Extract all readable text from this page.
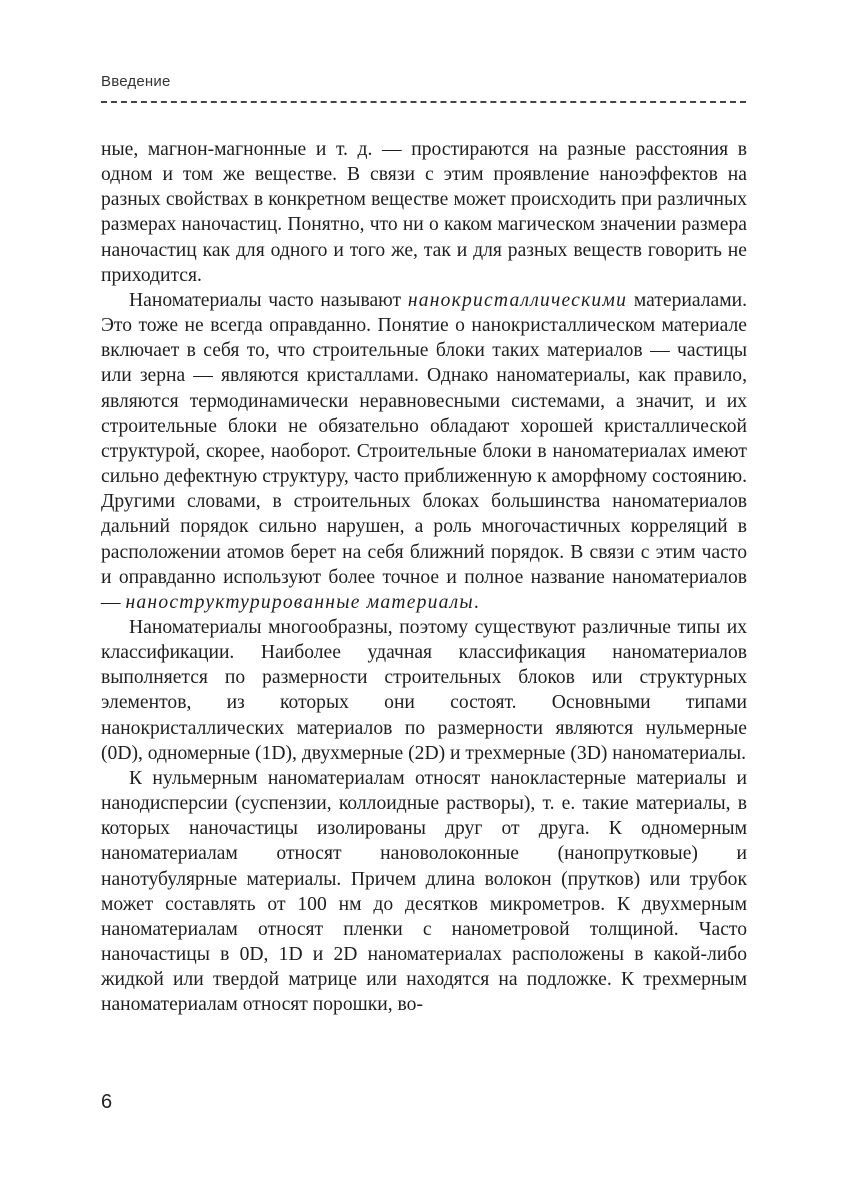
Введение

ные, магнон-магнонные и т. д. — простираются на разные расстояния в одном и том же веществе. В связи с этим проявление наноэффектов на разных свойствах в конкретном веществе может происходить при различных размерах наночастиц. Понятно, что ни о каком магическом значении размера наночастиц как для одного и того же, так и для разных веществ говорить не приходится.

Наноматериалы часто называют нанокристаллическими материалами. Это тоже не всегда оправданно. Понятие о нанокристаллическом материале включает в себя то, что строительные блоки таких материалов — частицы или зерна — являются кристаллами. Однако наноматериалы, как правило, являются термодинамически неравновесными системами, а значит, и их строительные блоки не обязательно обладают хорошей кристаллической структурой, скорее, наоборот. Строительные блоки в наноматериалах имеют сильно дефектную структуру, часто приближенную к аморфному состоянию. Другими словами, в строительных блоках большинства наноматериалов дальний порядок сильно нарушен, а роль многочастичных корреляций в расположении атомов берет на себя ближний порядок. В связи с этим часто и оправданно используют более точное и полное название наноматериалов — наноструктурированные материалы.

Наноматериалы многообразны, поэтому существуют различные типы их классификации. Наиболее удачная классификация наноматериалов выполняется по размерности строительных блоков или структурных элементов, из которых они состоят. Основными типами нанокристаллических материалов по размерности являются нульмерные (0D), одномерные (1D), двухмерные (2D) и трехмерные (3D) наноматериалы.

К нульмерным наноматериалам относят нанокластерные материалы и нанодисперсии (суспензии, коллоидные растворы), т. е. такие материалы, в которых наночастицы изолированы друг от друга. К одномерным наноматериалам относят нановолоконные (нанопрутковые) и нанотубулярные материалы. Причем длина волокон (прутков) или трубок может составлять от 100 нм до десятков микрометров. К двухмерным наноматериалам относят пленки с нанометровой толщиной. Часто наночастицы в 0D, 1D и 2D наноматериалах расположены в какой-либо жидкой или твердой матрице или находятся на подложке. К трехмерным наноматериалам относят порошки, во-

6
